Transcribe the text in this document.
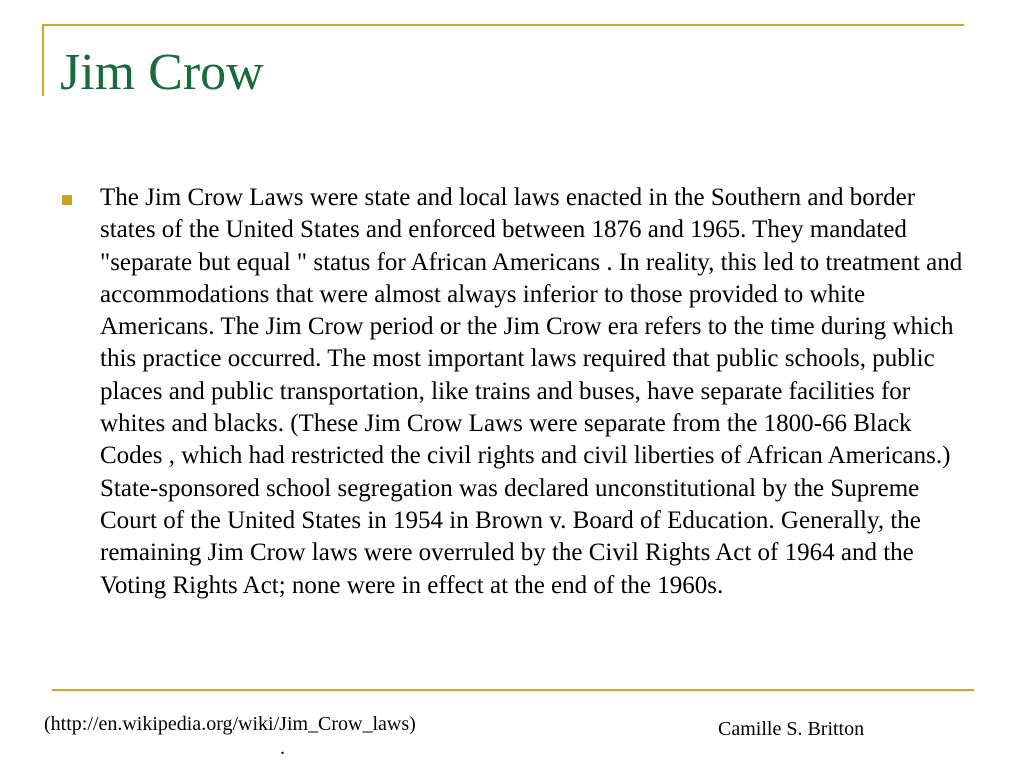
Jim Crow
The Jim Crow Laws were state and local laws enacted in the Southern and border states of the United States and enforced between 1876 and 1965. They mandated "separate but equal " status for African Americans . In reality, this led to treatment and accommodations that were almost always inferior to those provided to white Americans. The Jim Crow period or the Jim Crow era refers to the time during which this practice occurred. The most important laws required that public schools, public places and public transportation, like trains and buses, have separate facilities for whites and blacks. (These Jim Crow Laws were separate from the 1800-66 Black Codes , which had restricted the civil rights and civil liberties of African Americans.) State-sponsored school segregation was declared unconstitutional by the Supreme Court of the United States in 1954 in Brown v. Board of Education. Generally, the remaining Jim Crow laws were overruled by the Civil Rights Act of 1964 and the Voting Rights Act; none were in effect at the end of the 1960s.
(http://en.wikipedia.org/wiki/Jim_Crow_laws)
.
Camille S. Britton
